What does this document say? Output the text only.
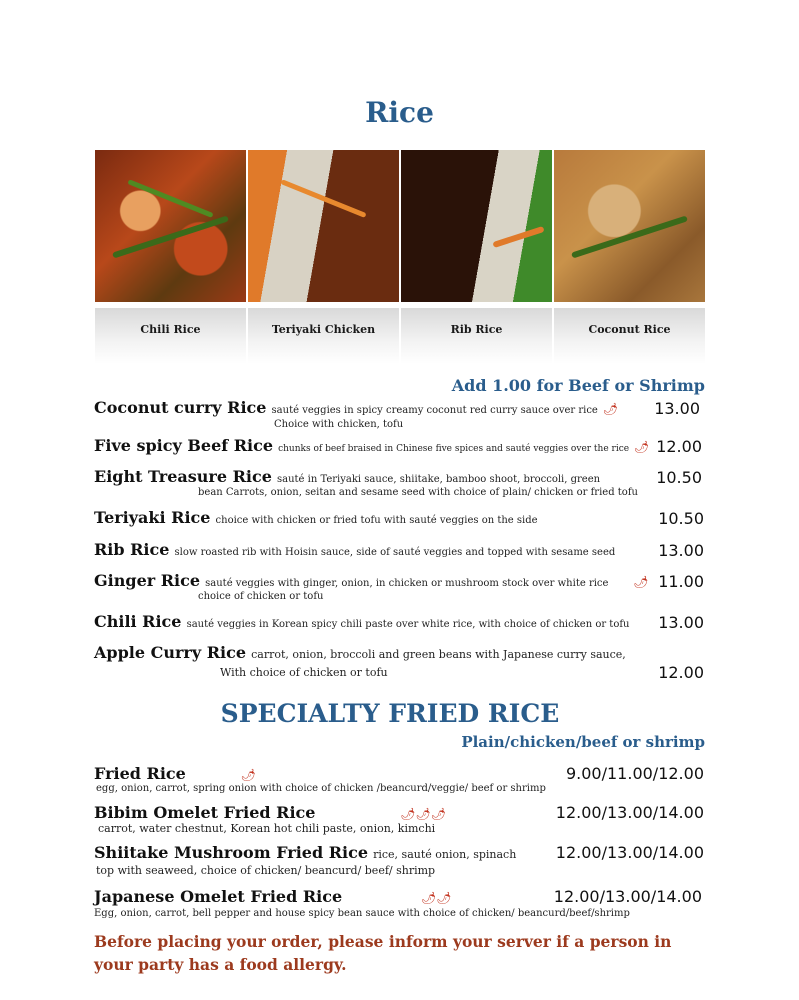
Rice
Chili Rice	Teriyaki Chicken	Rib Rice	Coconut Rice
Add 1.00 for Beef or Shrimp
Coconut curry Rice sauté veggies in spicy creamy coconut red curry sauce over rice 🌶 13.00
Choice with chicken, tofu
Five spicy Beef Rice chunks of beef braised in Chinese five spices and sauté veggies over the rice 🌶 12.00
Eight Treasure Rice sauté in Teriyaki sauce, shiitake, bamboo shoot, broccoli, green	10.50
bean Carrots, onion, seitan and sesame seed with choice of plain/ chicken or fried tofu
Teriyaki Rice choice with chicken or fried tofu with sauté veggies on the side	10.50
Rib Rice slow roasted rib with Hoisin sauce, side of sauté veggies and topped with sesame seed	13.00
Ginger Rice sauté veggies with ginger, onion, in chicken or mushroom stock over white rice 🌶 11.00
choice of chicken or tofu
Chili Rice sauté veggies in Korean spicy chili paste over white rice, with choice of chicken or tofu 13.00
Apple Curry Rice carrot, onion, broccoli and green beans with Japanese curry sauce,
12.00
With choice of chicken or tofu
SPECIALTY FRIED RICE
Plain/chicken/beef or shrimp
Fried Rice	🌶	9.00/11.00/12.00
egg, onion, carrot, spring onion with choice of chicken /beancurd/veggie/ beef or shrimp
Bibim Omelet Fried Rice	🌶🌶🌶	12.00/13.00/14.00
carrot, water chestnut, Korean hot chili paste, onion, kimchi
Shiitake Mushroom Fried Rice rice, sauté onion, spinach 12.00/13.00/14.00
top with seaweed, choice of chicken/ beancurd/ beef/ shrimp
Japanese Omelet Fried Rice	🌶🌶	12.00/13.00/14.00
Egg, onion, carrot, bell pepper and house spicy bean sauce with choice of chicken/ beancurd/beef/shrimp
Before placing your order, please inform your server if a person in your party has a food allergy.
